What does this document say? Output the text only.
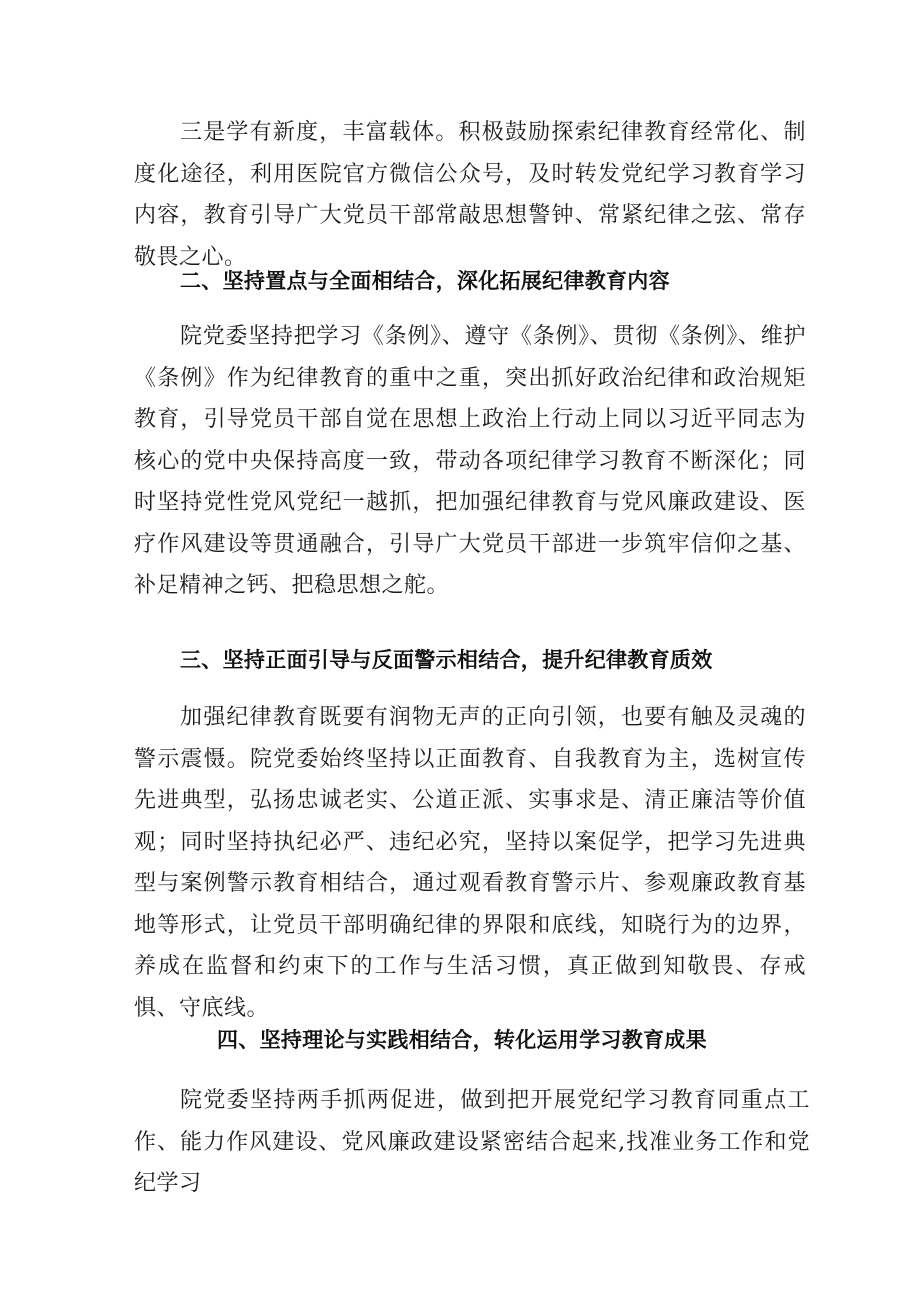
三是学有新度，丰富载体。积极鼓励探索纪律教育经常化、制度化途径，利用医院官方微信公众号，及时转发党纪学习教育学习内容，教育引导广大党员干部常敲思想警钟、常紧纪律之弦、常存敬畏之心。

二、坚持置点与全面相结合，深化拓展纪律教育内容

院党委坚持把学习《条例》、遵守《条例》、贯彻《条例》、维护《条例》作为纪律教育的重中之重，突出抓好政治纪律和政治规矩教育，引导党员干部自觉在思想上政治上行动上同以习近平同志为核心的党中央保持高度一致，带动各项纪律学习教育不断深化；同时坚持党性党风党纪一越抓，把加强纪律教育与党风廉政建设、医疗作风建设等贯通融合，引导广大党员干部进一步筑牢信仰之基、补足精神之钙、把稳思想之舵。

三、坚持正面引导与反面警示相结合，提升纪律教育质效

加强纪律教育既要有润物无声的正向引领，也要有触及灵魂的警示震慑。院党委始终坚持以正面教育、自我教育为主，选树宣传先进典型，弘扬忠诚老实、公道正派、实事求是、清正廉洁等价值观；同时坚持执纪必严、违纪必究，坚持以案促学，把学习先进典型与案例警示教育相结合，通过观看教育警示片、参观廉政教育基地等形式，让党员干部明确纪律的界限和底线，知晓行为的边界，养成在监督和约束下的工作与生活习惯，真正做到知敬畏、存戒惧、守底线。

四、坚持理论与实践相结合，转化运用学习教育成果

院党委坚持两手抓两促进，做到把开展党纪学习教育同重点工作、能力作风建设、党风廉政建设紧密结合起来,找准业务工作和党纪学习
